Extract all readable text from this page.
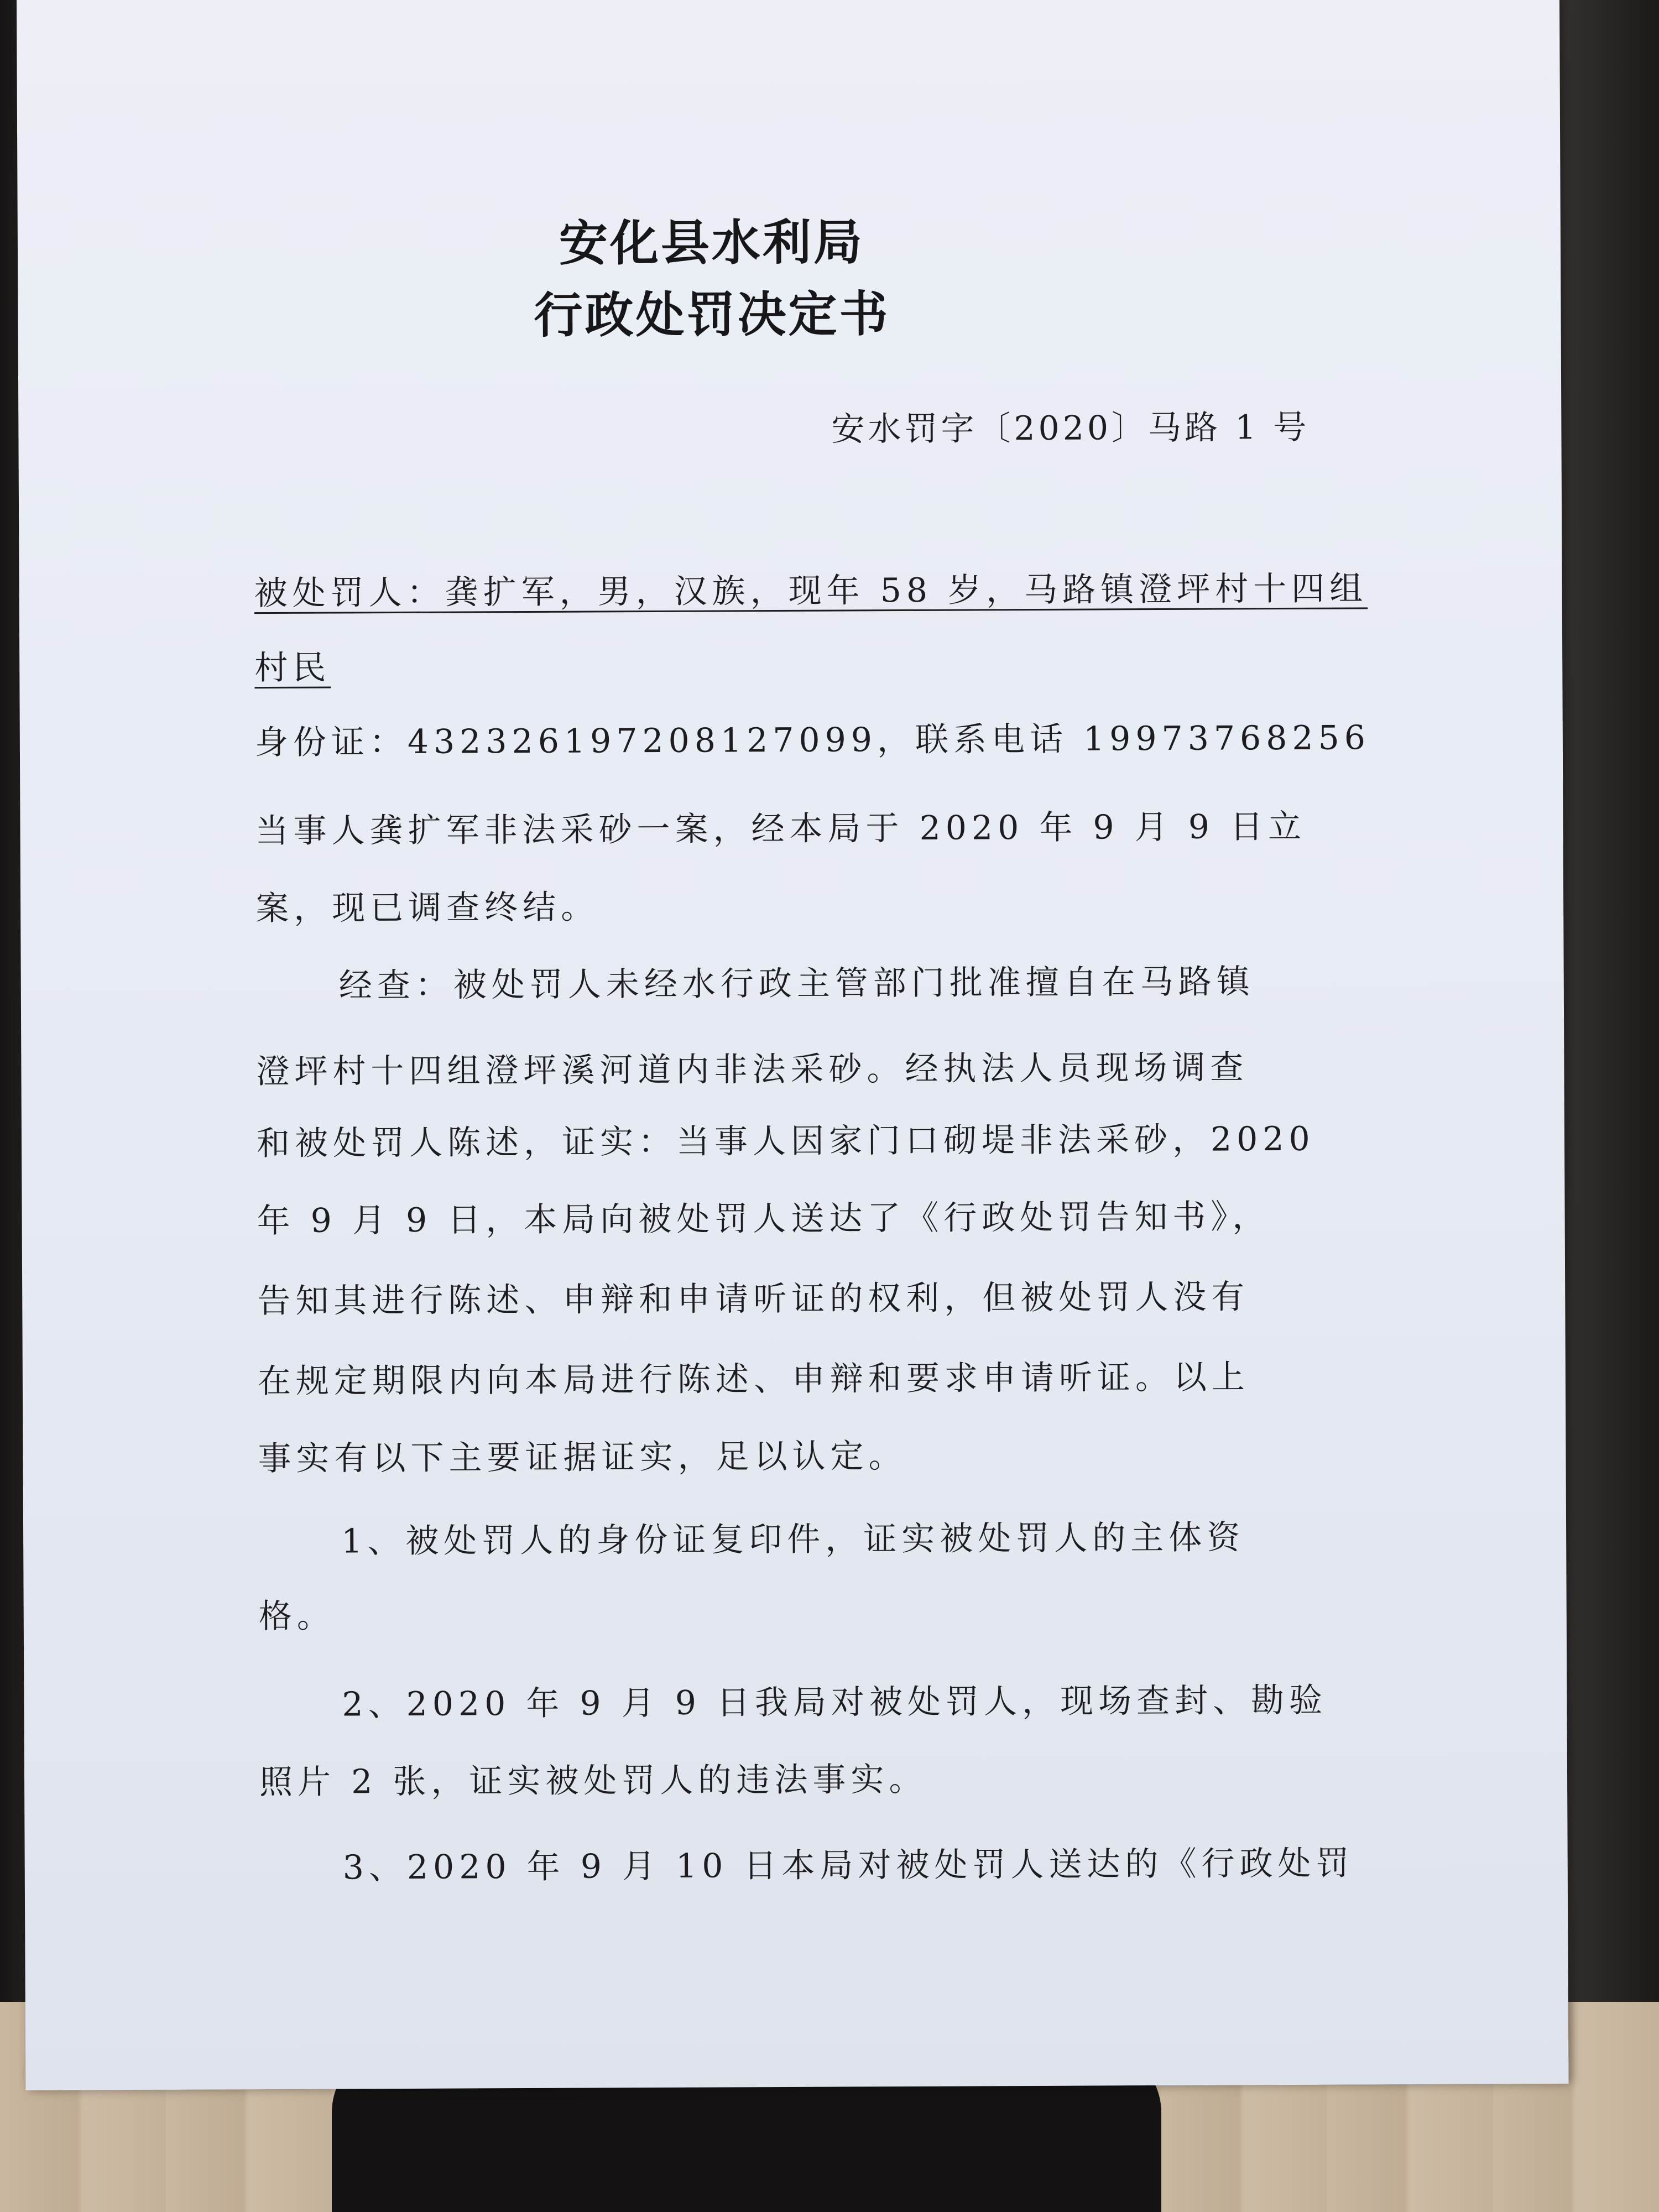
安化县水利局
行政处罚决定书
安水罚字〔2020〕马路 1 号
被处罚人：龚扩军，男，汉族，现年 58 岁，马路镇澄坪村十四组
村民
身份证：432326197208127099，联系电话 19973768256
当事人龚扩军非法采砂一案，经本局于 2020 年 9 月 9 日立
案，现已调查终结。
经查：被处罚人未经水行政主管部门批准擅自在马路镇
澄坪村十四组澄坪溪河道内非法采砂。经执法人员现场调查
和被处罚人陈述，证实：当事人因家门口砌堤非法采砂，2020
年 9 月 9 日，本局向被处罚人送达了《行政处罚告知书》，
告知其进行陈述、申辩和申请听证的权利，但被处罚人没有
在规定期限内向本局进行陈述、申辩和要求申请听证。以上
事实有以下主要证据证实，足以认定。
1、被处罚人的身份证复印件，证实被处罚人的主体资
格。
2、2020 年 9 月 9 日我局对被处罚人，现场查封、勘验
照片 2 张，证实被处罚人的违法事实。
3、2020 年 9 月 10 日本局对被处罚人送达的《行政处罚
